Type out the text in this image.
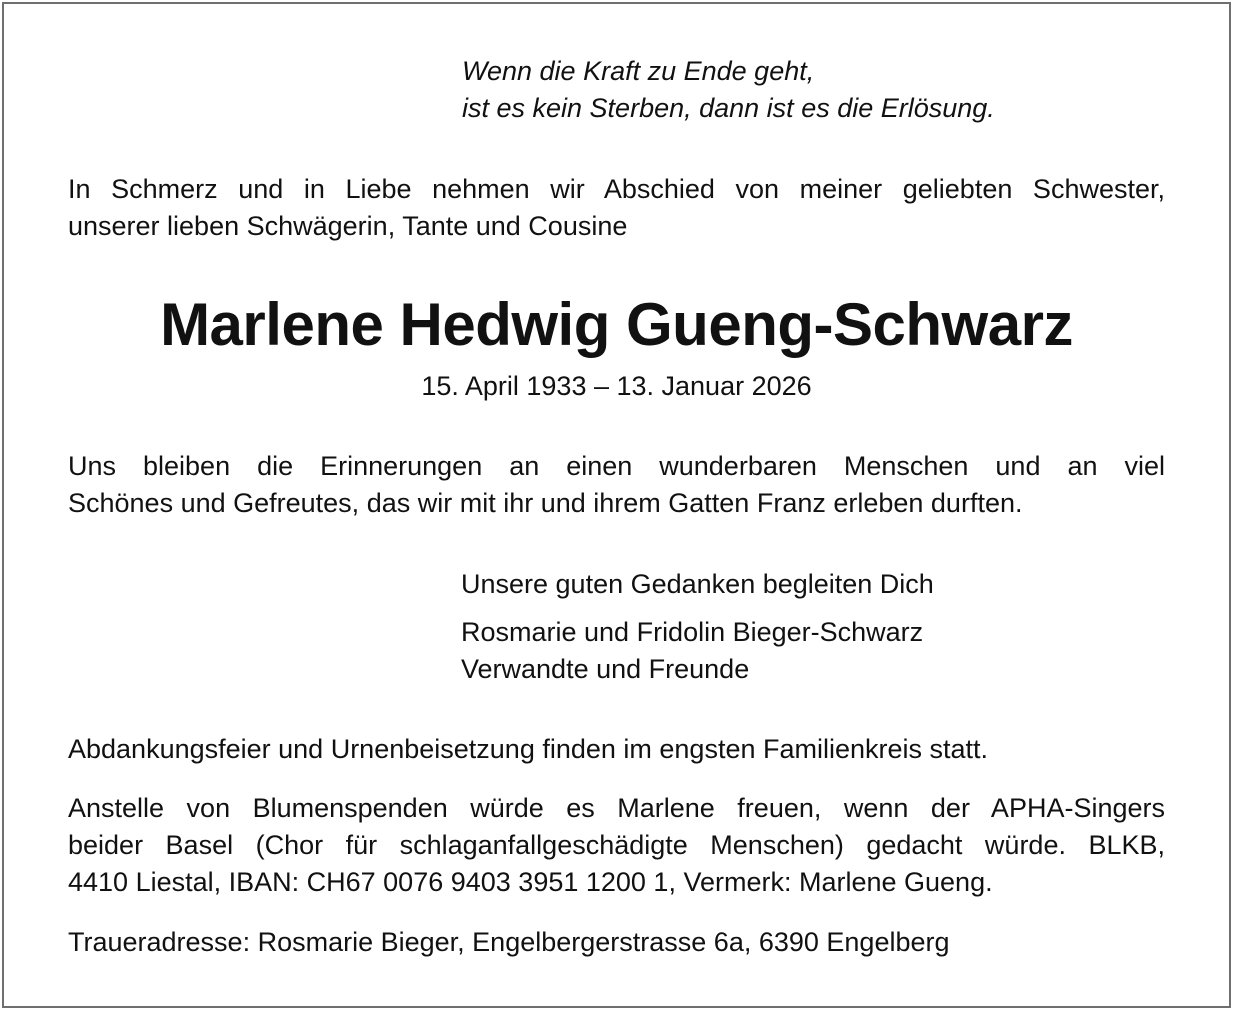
Wenn die Kraft zu Ende geht,
ist es kein Sterben, dann ist es die Erlösung.
In Schmerz und in Liebe nehmen wir Abschied von meiner geliebten Schwester,
unserer lieben Schwägerin, Tante und Cousine
Marlene Hedwig Gueng-Schwarz
15. April 1933 – 13. Januar 2026
Uns bleiben die Erinnerungen an einen wunderbaren Menschen und an viel
Schönes und Gefreutes, das wir mit ihr und ihrem Gatten Franz erleben durften.
Unsere guten Gedanken begleiten Dich
Rosmarie und Fridolin Bieger-Schwarz
Verwandte und Freunde
Abdankungsfeier und Urnenbeisetzung finden im engsten Familienkreis statt.
Anstelle von Blumenspenden würde es Marlene freuen, wenn der APHA-Singers
beider Basel (Chor für schlaganfallgeschädigte Menschen) gedacht würde. BLKB,
4410 Liestal, IBAN: CH67 0076 9403 3951 1200 1, Vermerk: Marlene Gueng.
Traueradresse: Rosmarie Bieger, Engelbergerstrasse 6a, 6390 Engelberg
